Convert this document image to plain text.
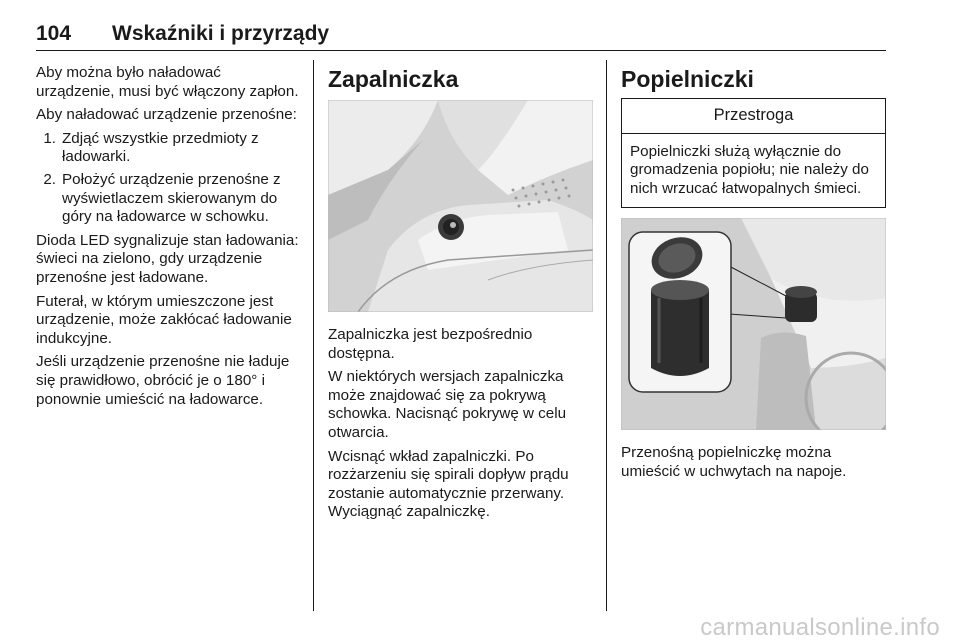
104 Wskaźniki i przyrządy

Aby można było naładować urządzenie, musi być włączony zapłon.

Aby naładować urządzenie przenośne:

1. Zdjąć wszystkie przedmioty z ładowarki.
2. Położyć urządzenie przenośne z wyświetlaczem skierowanym do góry na ładowarce w schowku.

Dioda LED sygnalizuje stan ładowania: świeci na zielono, gdy urządzenie przenośne jest ładowane.

Futerał, w którym umieszczone jest urządzenie, może zakłócać ładowanie indukcyjne.

Jeśli urządzenie przenośne nie ładuje się prawidłowo, obrócić je o 180° i ponownie umieścić na ładowarce.

Zapalniczka

Zapalniczka jest bezpośrednio dostępna.

W niektórych wersjach zapalniczka może znajdować się za pokrywą schowka. Nacisnąć pokrywę w celu otwarcia.

Wcisnąć wkład zapalniczki. Po rozżarzeniu się spirali dopływ prądu zostanie automatycznie przerwany. Wyciągnąć zapalniczkę.

Popielniczki
Przestroga
Popielniczki służą wyłącznie do gromadzenia popiołu; nie należy do nich wrzucać łatwopalnych śmieci.

Przenośną popielniczkę można umieścić w uchwytach na napoje.

carmanualsonline.info
